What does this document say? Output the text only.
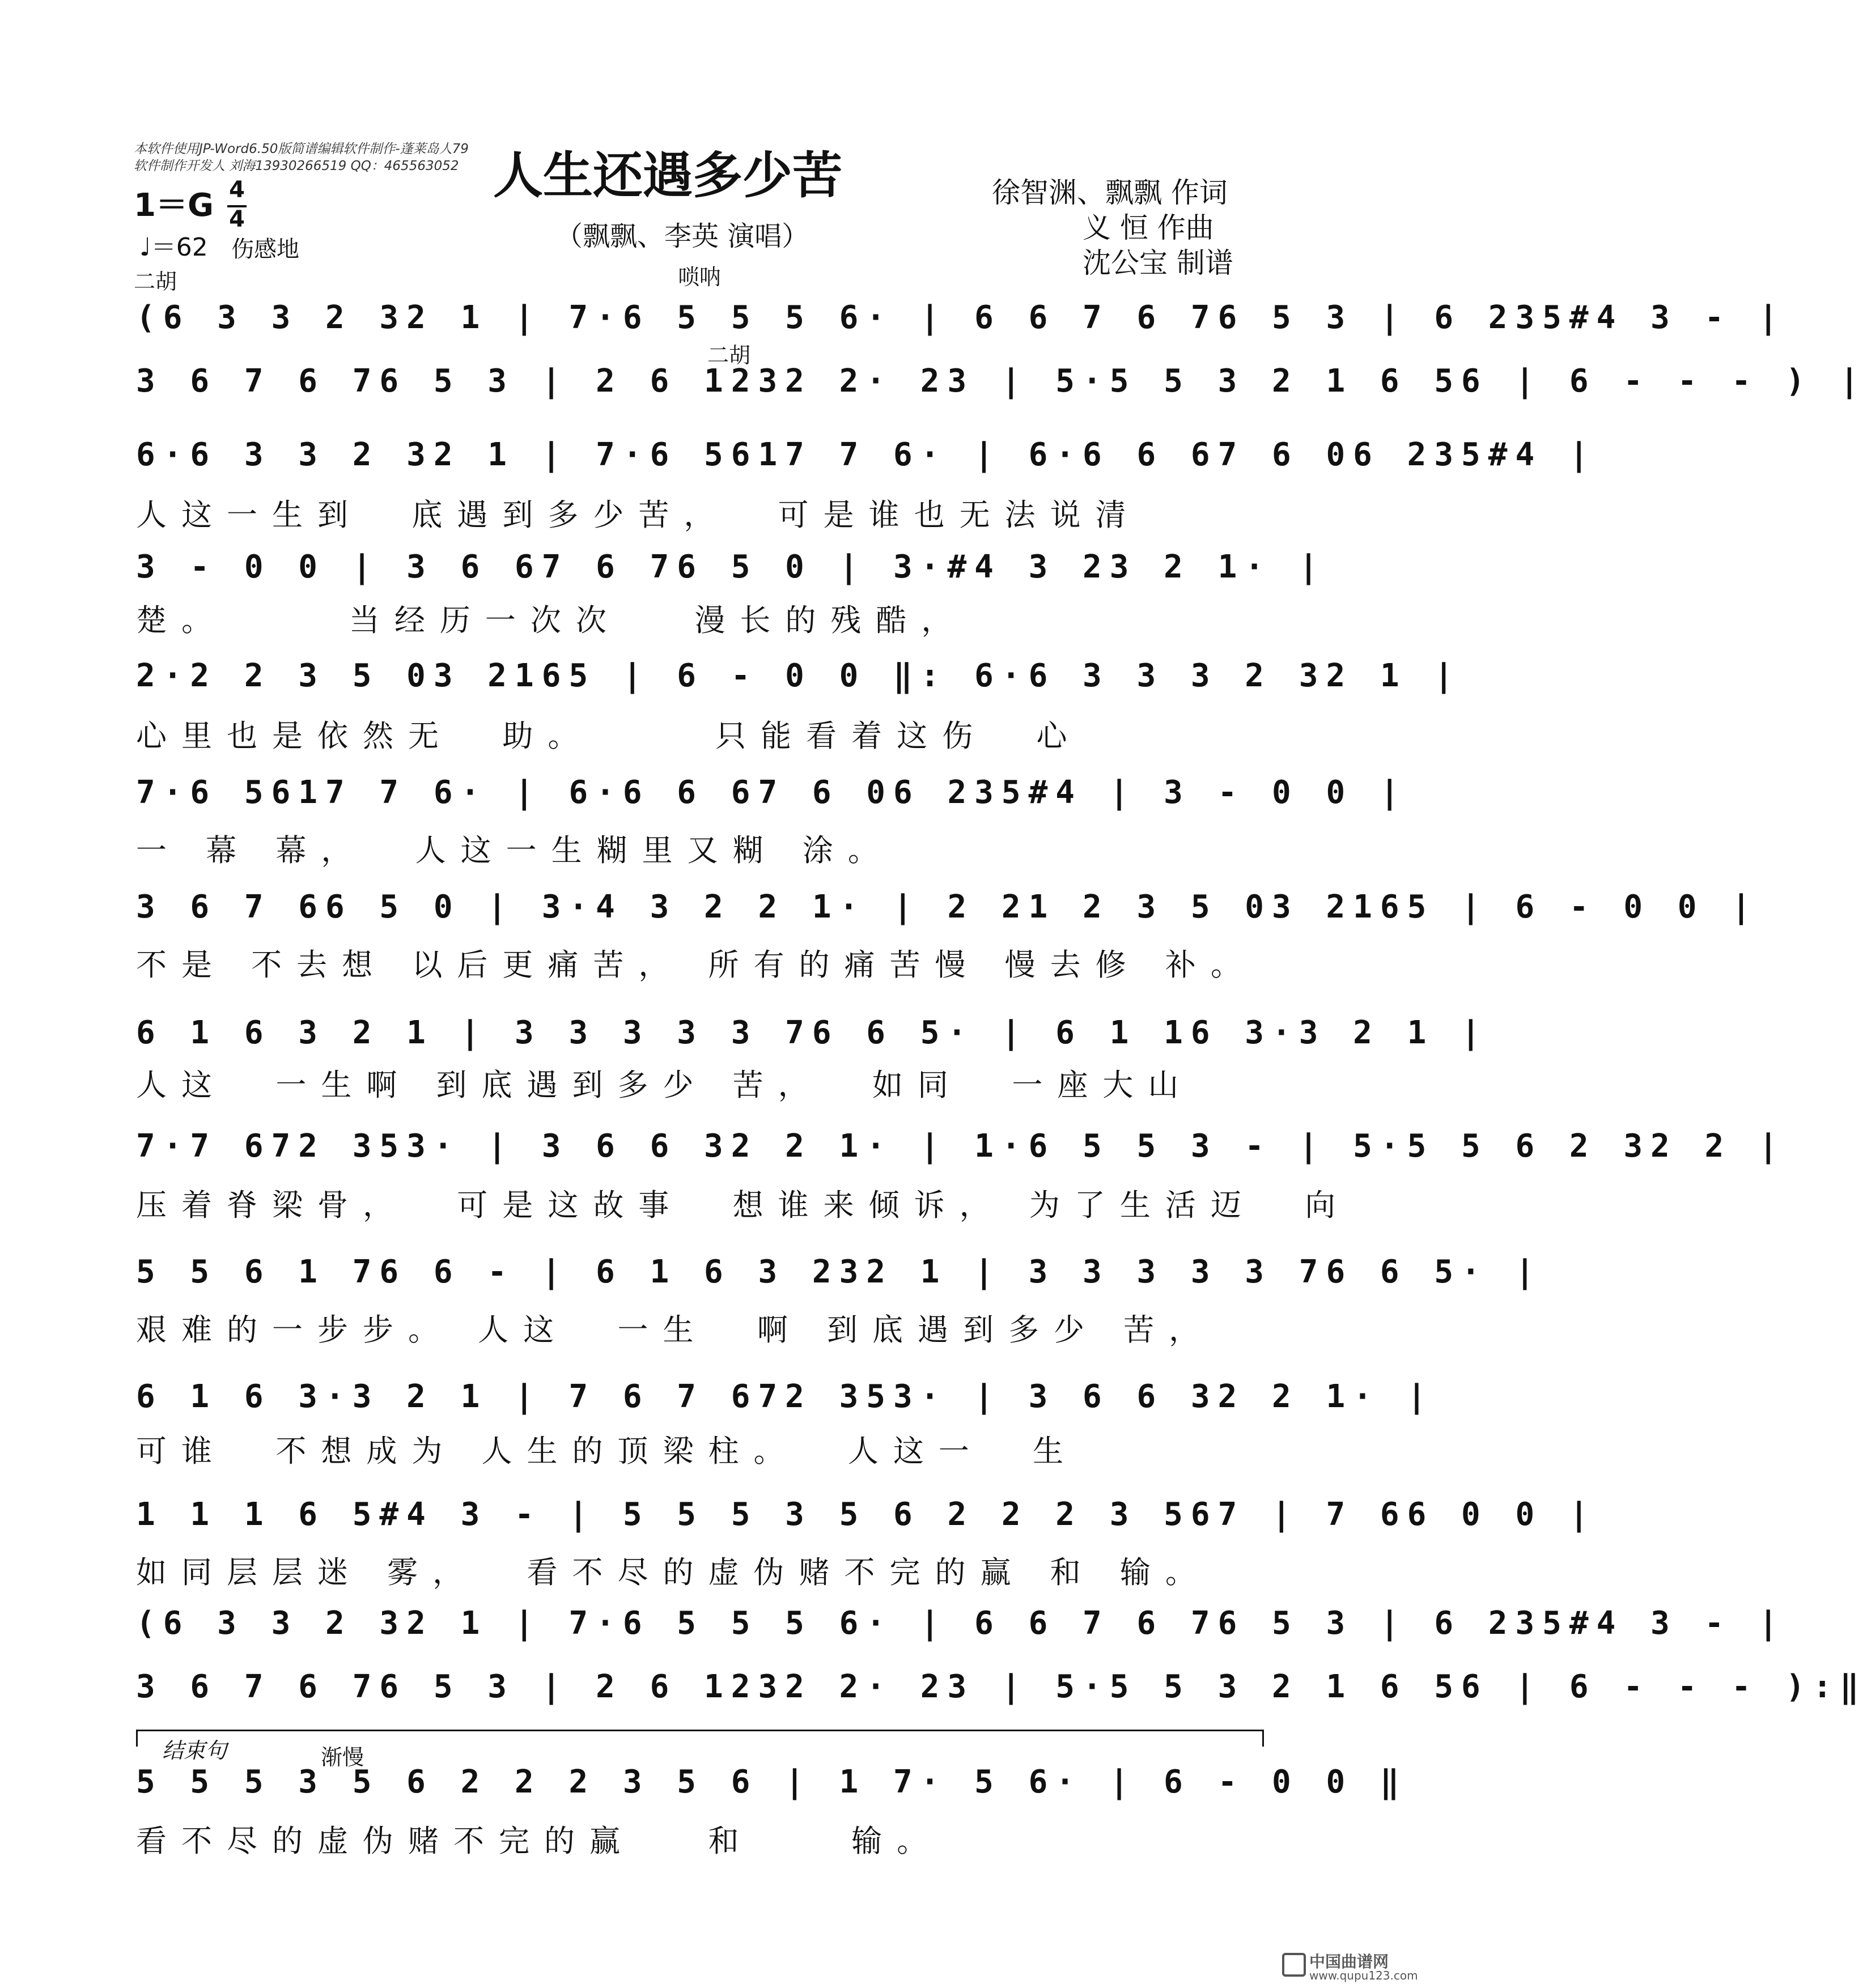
本软件使用JP-Word6.50版简谱编辑软件制作-蓬莱岛人79
软件制作开发人 刘海13930266519 QQ：465563052 人生还遇多少苦
（飘飘、李英 演唱）
徐智渊、飘飘 作词
义 恒 作曲
沈公宝 制谱
1＝G 4
4
♩＝62 伤感地
二胡	唢呐
二胡
(6 3 3 2 32 1 | 7·6 5 5 5 6· | 6 6 7 6 76 5 3 | 6 235#4 3 - |
3 6 7 6 76 5 3 | 2 6 1232 2· 23 | 5·5 5 3 2 1 6 56 | 6 - - - ) |
6·6 3 3 2 32 1 | 7·6 5617 7 6· | 6·6 6 67 6 06 235#4 |
人这一生到  底遇到多少苦，  可是谁也无法说清
3 - 0 0 | 3 6 67 6 76 5 0 | 3·#4 3 23 2 1· |
楚。     当经历一次次   漫长的残酷，
2·2 2 3 5 03 2165 | 6 - 0 0 ‖: 6·6 3 3 3 2 32 1 |
心里也是依然无  助。     只能看着这伤  心
7·6 5617 7 6· | 6·6 6 67 6 06 235#4 | 3 - 0 0 |
一 幕 幕，  人这一生糊里又糊 涂。
3 6 7 66 5 0 | 3·4 3 2 2 1· | 2 21 2 3 5 03 2165 | 6 - 0 0 |
不是 不去想 以后更痛苦， 所有的痛苦慢 慢去修 补。
6 1 6 3 2 1 | 3 3 3 3 3 76 6 5· | 6 1 16 3·3 2 1 |
人这  一生啊 到底遇到多少 苦，  如同  一座大山
7·7 672 353· | 3 6 6 32 2 1· | 1·6 5 5 3 - | 5·5 5 6 2 32 2 |
压着脊梁骨，  可是这故事  想谁来倾诉， 为了生活迈  向
5 5 6 1 76 6 - | 6 1 6 3 232 1 | 3 3 3 3 3 76 6 5· |
艰难的一步步。 人这  一生  啊 到底遇到多少 苦，
6 1 6 3·3 2 1 | 7 6 7 672 353· | 3 6 6 32 2 1· |
可谁  不想成为 人生的顶梁柱。  人这一  生
1 1 1 6 5#4 3 - | 5 5 5 3 5 6 2 2 2 3 567 | 7 66 0 0 |
如同层层迷 雾，  看不尽的虚伪赌不完的赢 和 输。
(6 3 3 2 32 1 | 7·6 5 5 5 6· | 6 6 7 6 76 5 3 | 6 235#4 3 - |
3 6 7 6 76 5 3 | 2 6 1232 2· 23 | 5·5 5 3 2 1 6 56 | 6 - - - ):‖
结束句	渐慢
5 5 5 3 5 6 2 2 2 3 5 6 | 1 7· 5 6· | 6 - 0 0 ‖
看不尽的虚伪赌不完的赢   和    输。
中国曲谱网
www.qupu123.com
